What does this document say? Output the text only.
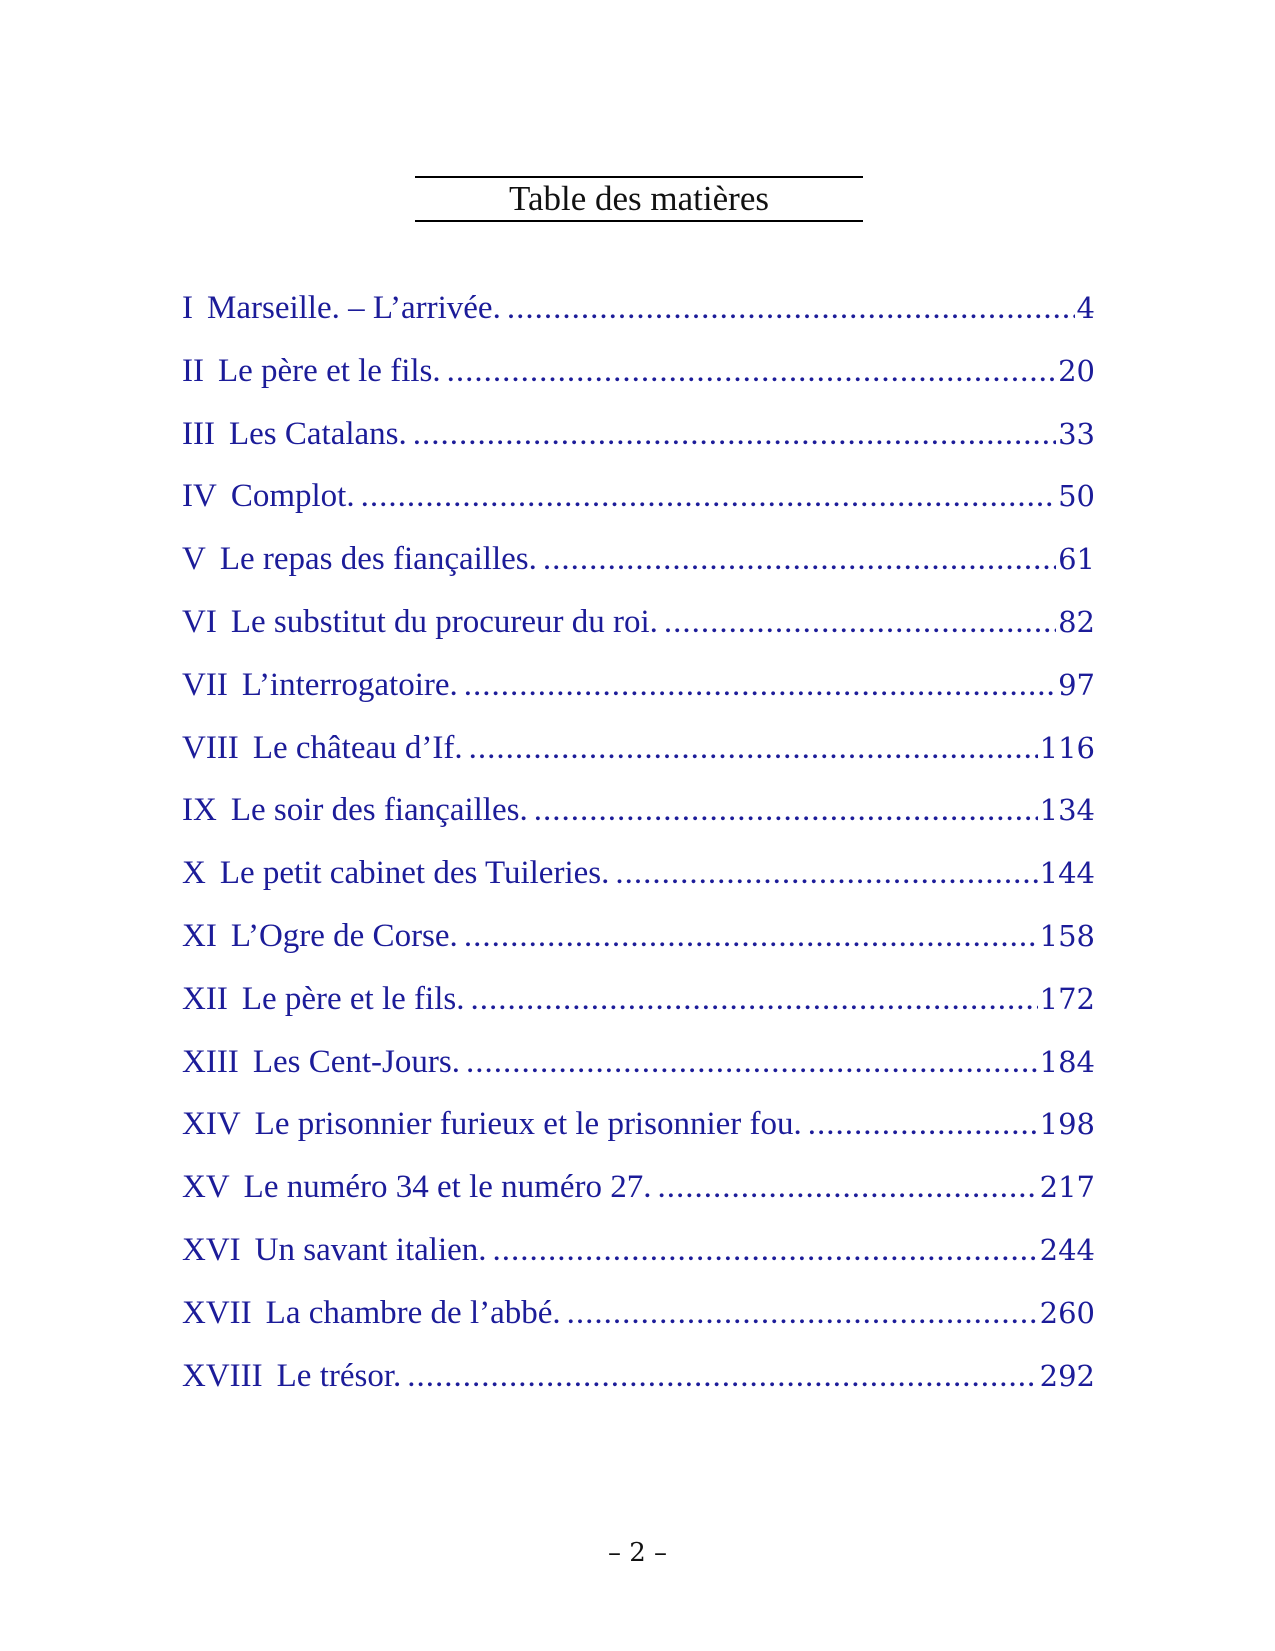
Table des matières
I Marseille. – L’arrivée. .....	4
II Le père et le fils. .....	20
III Les Catalans. .....	33
IV Complot. .....	50
V Le repas des fiançailles. .....	61
VI Le substitut du procureur du roi. .....	82
VII L’interrogatoire. .....	97
VIII Le château d’If. .....	116
IX Le soir des fiançailles. .....	134
X Le petit cabinet des Tuileries. .....	144
XI L’Ogre de Corse. .....	158
XII Le père et le fils. .....	172
XIII Les Cent-Jours. .....	184
XIV Le prisonnier furieux et le prisonnier fou. .....	198
XV Le numéro 34 et le numéro 27. .....	217
XVI Un savant italien. .....	244
XVII La chambre de l’abbé. .....	260
XVIII Le trésor. .....	292
– 2 –
